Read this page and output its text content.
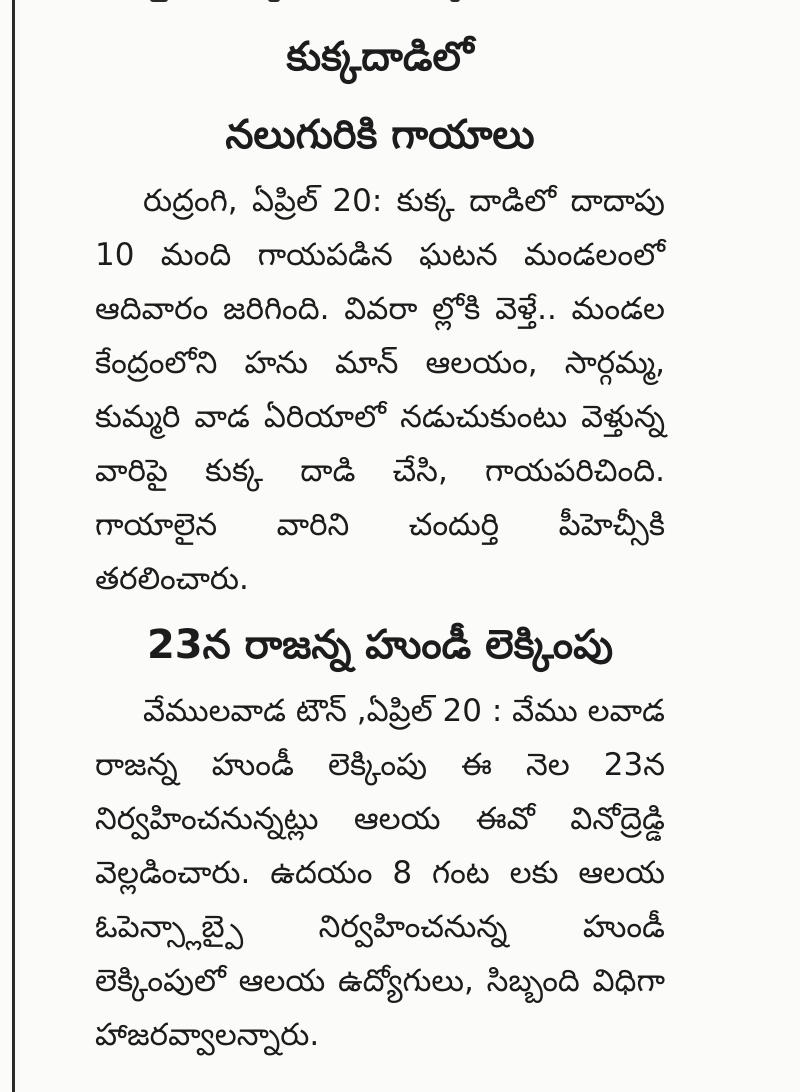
కుక్కదాడిలో
నలుగురికి గాయాలు

రుద్రంగి, ఏప్రిల్ 20: కుక్క దాడిలో దాదాపు 10 మంది గాయపడిన ఘటన మండలంలో ఆదివారం జరిగింది. వివరా ల్లోకి వెళ్తే.. మండల కేంద్రంలోని హను మాన్ ఆలయం, సార్గమ్మ, కుమ్మరి వాడ ఏరియాలో నడుచుకుంటు వెళ్తున్న వారిపై కుక్క దాడి చేసి, గాయపరిచింది. గాయాలైన వారిని చందుర్తి పీహెచ్సీకి తరలించారు.

23న రాజన్న హుండీ లెక్కింపు

వేములవాడ టౌన్ ,ఏప్రిల్ 20 : వేము లవాడ రాజన్న హుండీ లెక్కింపు ఈ నెల 23న నిర్వహించనున్నట్లు ఆలయ ఈవో వినోద్రెడ్డి వెల్లడించారు. ఉదయం 8 గంట లకు ఆలయ ఓపెన్స్లాబ్పై నిర్వహించనున్న హుండీ లెక్కింపులో ఆలయ ఉద్యోగులు, సిబ్బంది విధిగా హాజరవ్వాలన్నారు.
